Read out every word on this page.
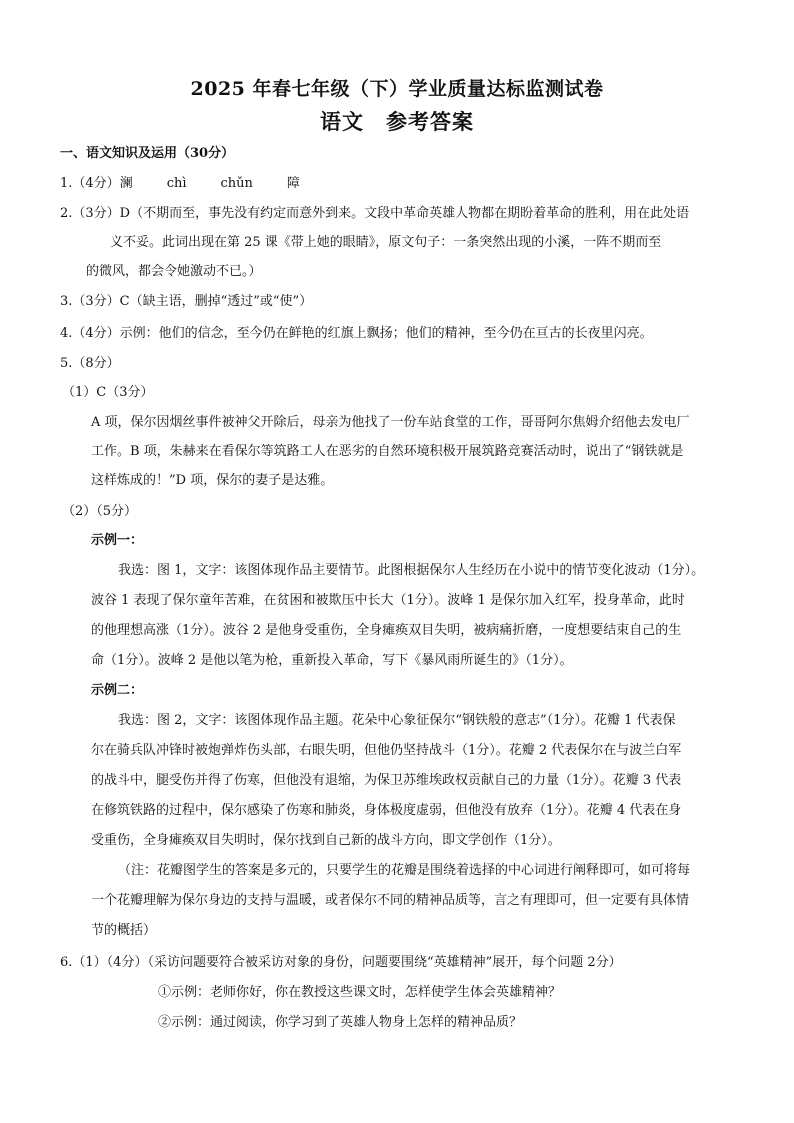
2025 年春七年级（下）学业质量达标监测试卷
语文　参考答案
一、语文知识及运用（30分）
1.（4分）澜	chì	chǔn	障
2.（3分）D（不期而至，事先没有约定而意外到来。文段中革命英雄人物都在期盼着革命的胜利，用在此处语
义不妥。此词出现在第 25 课《带上她的眼睛》，原文句子：一条突然出现的小溪，一阵不期而至
的微风，都会令她激动不已。）
3.（3分）C（缺主语，删掉“透过”或“使”）
4.（4分）示例：他们的信念，至今仍在鲜艳的红旗上飘扬；他们的精神，至今仍在亘古的长夜里闪亮。
5.（8分）
（1）C（3分）
A 项，保尔因烟丝事件被神父开除后，母亲为他找了一份车站食堂的工作，哥哥阿尔焦姆介绍他去发电厂
工作。B 项，朱赫来在看保尔等筑路工人在恶劣的自然环境积极开展筑路竞赛活动时，说出了“钢铁就是
这样炼成的！”D 项，保尔的妻子是达雅。
（2）（5分）
示例一：
我选：图 1，文字：该图体现作品主要情节。此图根据保尔人生经历在小说中的情节变化波动（1分）。
波谷 1 表现了保尔童年苦难，在贫困和被欺压中长大（1分）。波峰 1 是保尔加入红军，投身革命，此时
的他理想高涨（1分）。波谷 2 是他身受重伤，全身瘫痪双目失明，被病痛折磨，一度想要结束自己的生
命（1分）。波峰 2 是他以笔为枪，重新投入革命，写下《暴风雨所诞生的》（1分）。
示例二：
我选：图 2，文字：该图体现作品主题。花朵中心象征保尔“钢铁般的意志”（1分）。花瓣 1 代表保
尔在骑兵队冲锋时被炮弹炸伤头部，右眼失明，但他仍坚持战斗（1分）。花瓣 2 代表保尔在与波兰白军
的战斗中，腿受伤并得了伤寒，但他没有退缩，为保卫苏维埃政权贡献自己的力量（1分）。花瓣 3 代表
在修筑铁路的过程中，保尔感染了伤寒和肺炎，身体极度虚弱，但他没有放弃（1分）。花瓣 4 代表在身
受重伤，全身瘫痪双目失明时，保尔找到自己新的战斗方向，即文学创作（1分）。
（注：花瓣图学生的答案是多元的，只要学生的花瓣是围绕着选择的中心词进行阐释即可，如可将每
一个花瓣理解为保尔身边的支持与温暖，或者保尔不同的精神品质等，言之有理即可，但一定要有具体情
节的概括）
6.（1）（4分）（采访问题要符合被采访对象的身份，问题要围绕“英雄精神”展开，每个问题 2分）
①示例：老师你好，你在教授这些课文时，怎样使学生体会英雄精神？
②示例：通过阅读，你学习到了英雄人物身上怎样的精神品质？
